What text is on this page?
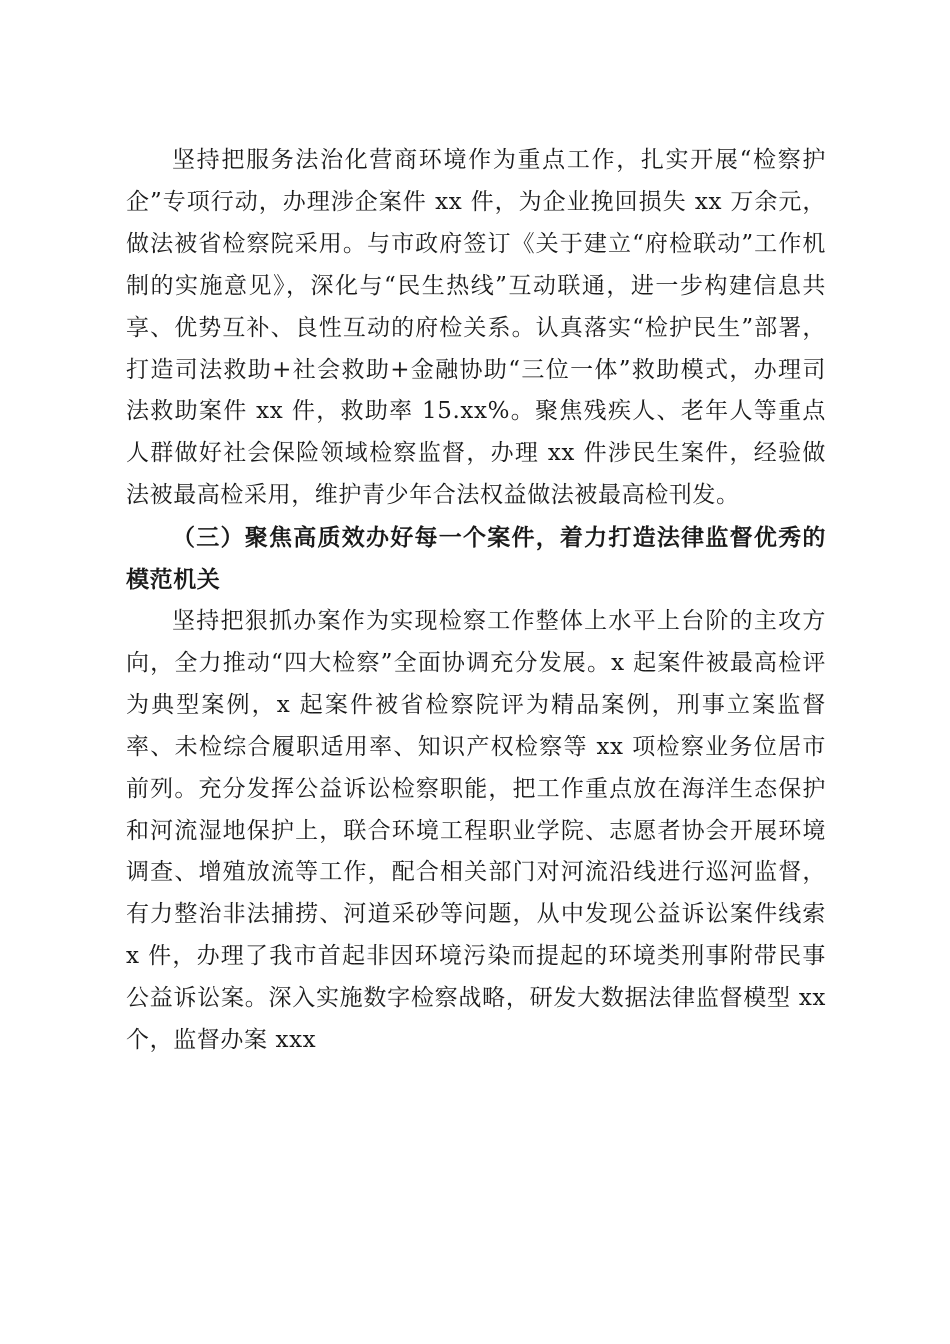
坚持把服务法治化营商环境作为重点工作，扎实开展“检察护企”专项行动，办理涉企案件 xx 件，为企业挽回损失 xx 万余元，做法被省检察院采用。与市政府签订《关于建立“府检联动”工作机制的实施意见》，深化与“民生热线”互动联通，进一步构建信息共享、优势互补、良性互动的府检关系。认真落实“检护民生”部署，打造司法救助+社会救助+金融协助“三位一体”救助模式，办理司法救助案件 xx 件，救助率 15.xx%。聚焦残疾人、老年人等重点人群做好社会保险领域检察监督，办理 xx 件涉民生案件，经验做法被最高检采用，维护青少年合法权益做法被最高检刊发。

（三）聚焦高质效办好每一个案件，着力打造法律监督优秀的模范机关

坚持把狠抓办案作为实现检察工作整体上水平上台阶的主攻方向，全力推动“四大检察”全面协调充分发展。x 起案件被最高检评为典型案例，x 起案件被省检察院评为精品案例，刑事立案监督率、未检综合履职适用率、知识产权检察等 xx 项检察业务位居市前列。充分发挥公益诉讼检察职能，把工作重点放在海洋生态保护和河流湿地保护上，联合环境工程职业学院、志愿者协会开展环境调查、增殖放流等工作，配合相关部门对河流沿线进行巡河监督，有力整治非法捕捞、河道采砂等问题，从中发现公益诉讼案件线索 x 件，办理了我市首起非因环境污染而提起的环境类刑事附带民事公益诉讼案。深入实施数字检察战略，研发大数据法律监督模型 xx 个，监督办案 xxx
